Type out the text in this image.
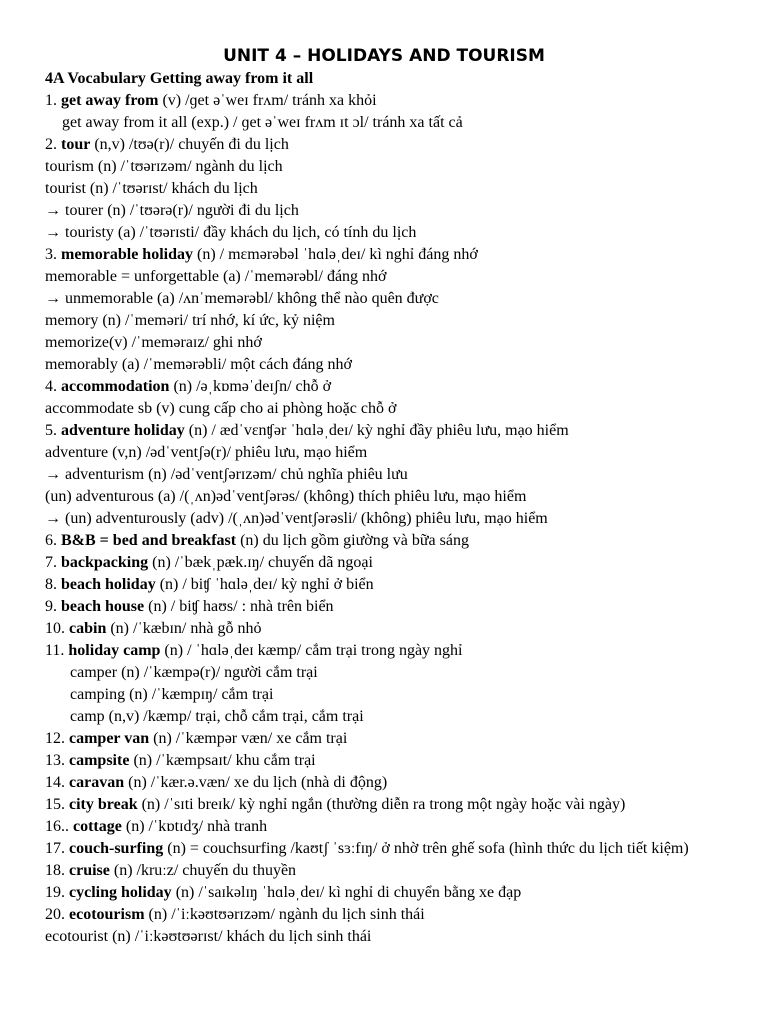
UNIT 4 – HOLIDAYS AND TOURISM
4A Vocabulary Getting away from it all
1. get away from (v) /ɡet əˈweɪ frʌm/ tránh xa khỏi
get away from it all (exp.) / ɡet əˈweɪ frʌm ɪt ɔl/ tránh xa tất cả
2. tour (n,v) /tʊə(r)/ chuyến đi du lịch
tourism (n) /ˈtʊərɪzəm/ ngành du lịch
tourist (n) /ˈtʊərɪst/ khách du lịch
→ tourer (n) /ˈtʊərə(r)/ người đi du lịch
→ touristy (a) /ˈtʊərɪsti/ đầy khách du lịch, có tính du lịch
3. memorable holiday (n) / mɛmərəbəl ˈhɑləˌdeɪ/ kì nghỉ đáng nhớ
memorable = unforgettable (a) /ˈmemərəbl/ đáng nhớ
→ unmemorable (a) /ʌnˈmemərəbl/ không thể nào quên được
memory (n) /ˈmeməri/ trí nhớ, kí ức, kỷ niệm
memorize(v) /ˈmeməraɪz/ ghi nhớ
memorably (a) /ˈmemərəbli/ một cách đáng nhớ
4. accommodation (n) /əˌkɒməˈdeɪʃn/ chỗ ở
accommodate sb (v) cung cấp cho ai phòng hoặc chỗ ở
5. adventure holiday (n) / ædˈvɛnʧər ˈhɑləˌdeɪ/ kỳ nghỉ đầy phiêu lưu, mạo hiểm
adventure (v,n) /ədˈventʃə(r)/ phiêu lưu, mạo hiểm
→ adventurism (n) /ədˈventʃərɪzəm/ chủ nghĩa phiêu lưu
(un) adventurous (a) /(ˌʌn)ədˈventʃərəs/ (không) thích phiêu lưu, mạo hiểm
→ (un) adventurously (adv) /(ˌʌn)ədˈventʃərəsli/ (không) phiêu lưu, mạo hiểm
6. B&B = bed and breakfast (n) du lịch gồm giường và bữa sáng
7. backpacking (n) /ˈbækˌpæk.ɪŋ/ chuyến dã ngoại
8. beach holiday (n) / biʧ ˈhɑləˌdeɪ/ kỳ nghỉ ở biển
9. beach house (n) / biʧ haʊs/ : nhà trên biển
10. cabin (n) /ˈkæbɪn/ nhà gỗ nhỏ
11. holiday camp (n) / ˈhɑləˌdeɪ kæmp/ cắm trại trong ngày nghỉ
camper (n) /ˈkæmpə(r)/ người cắm trại
camping (n) /ˈkæmpɪŋ/ cắm trại
camp (n,v) /kæmp/ trại, chỗ cắm trại, cắm trại
12. camper van (n) /ˈkæmpər væn/ xe cắm trại
13. campsite (n) /ˈkæmpsaɪt/ khu cắm trại
14. caravan (n) /ˈkær.ə.væn/ xe du lịch (nhà di động)
15. city break (n) /ˈsɪti breɪk/ kỳ nghỉ ngắn (thường diễn ra trong một ngày hoặc vài ngày)
16.. cottage (n) /ˈkɒtɪdʒ/ nhà tranh
17. couch-surfing (n) = couchsurfing /kaʊtʃ ˈsɜːfɪŋ/ ở nhờ trên ghế sofa (hình thức du lịch tiết kiệm)
18. cruise (n) /kruːz/ chuyến du thuyền
19. cycling holiday (n) /ˈsaɪkəlɪŋ ˈhɑləˌdeɪ/ kì nghỉ di chuyển bằng xe đạp
20. ecotourism (n) /ˈiːkəʊtʊərɪzəm/ ngành du lịch sinh thái
ecotourist (n) /ˈiːkəʊtʊərɪst/ khách du lịch sinh thái
